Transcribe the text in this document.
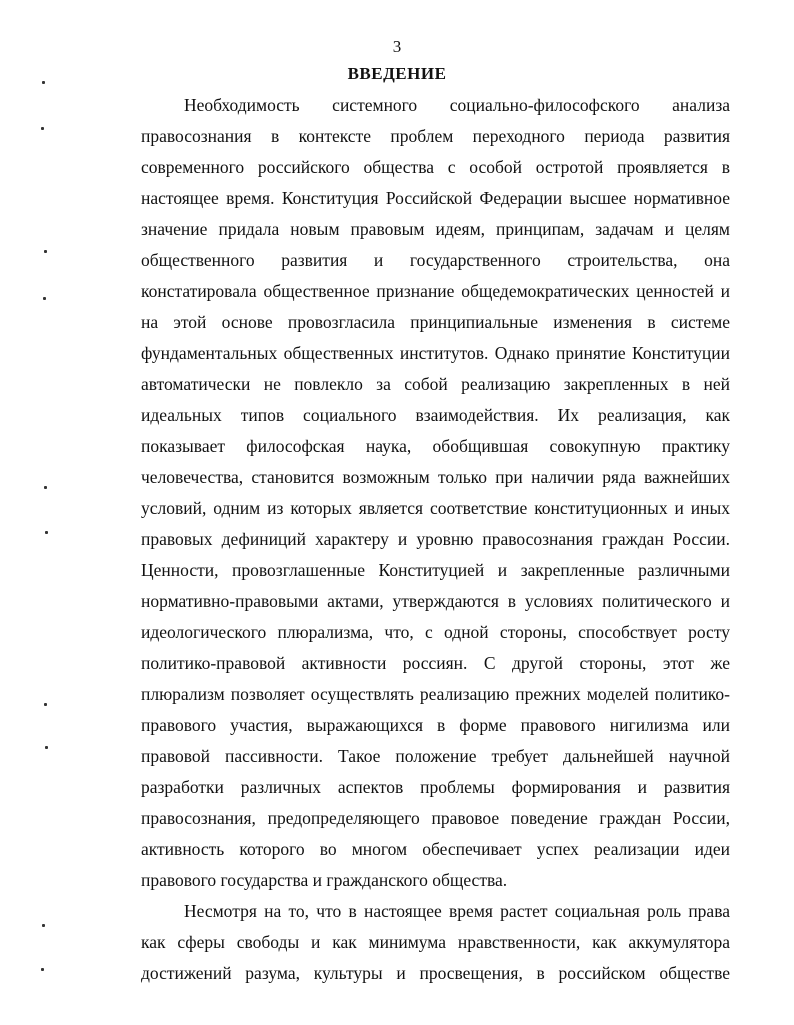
3
ВВЕДЕНИЕ
Необходимость системного социально-философского анализа
правосознания в контексте проблем переходного периода развития
современного российского общества с особой остротой проявляется в
настоящее время. Конституция Российской Федерации высшее нормативное
значение придала новым правовым идеям, принципам, задачам и целям
общественного развития и государственного строительства, она
констатировала общественное признание общедемократических ценностей и
на этой основе провозгласила принципиальные изменения в системе
фундаментальных общественных институтов. Однако принятие Конституции
автоматически не повлекло за собой реализацию закрепленных в ней
идеальных типов социального взаимодействия. Их реализация, как
показывает философская наука, обобщившая совокупную практику
человечества, становится возможным только при наличии ряда важнейших
условий, одним из которых является соответствие конституционных и иных
правовых дефиниций характеру и уровню правосознания граждан России.
Ценности, провозглашенные Конституцией и закрепленные различными
нормативно-правовыми актами, утверждаются в условиях политического и
идеологического плюрализма, что, с одной стороны, способствует росту
политико-правовой активности россиян. С другой стороны, этот же
плюрализм позволяет осуществлять реализацию прежних моделей политико-
правового участия, выражающихся в форме правового нигилизма или
правовой пассивности. Такое положение требует дальнейшей научной
разработки различных аспектов проблемы формирования и развития
правосознания, предопределяющего правовое поведение граждан России,
активность которого во многом обеспечивает успех реализации идеи
правового государства и гражданского общества.
Несмотря на то, что в настоящее время растет социальная роль права
как сферы свободы и как минимума нравственности, как аккумулятора
достижений разума, культуры и просвещения, в российском обществе
